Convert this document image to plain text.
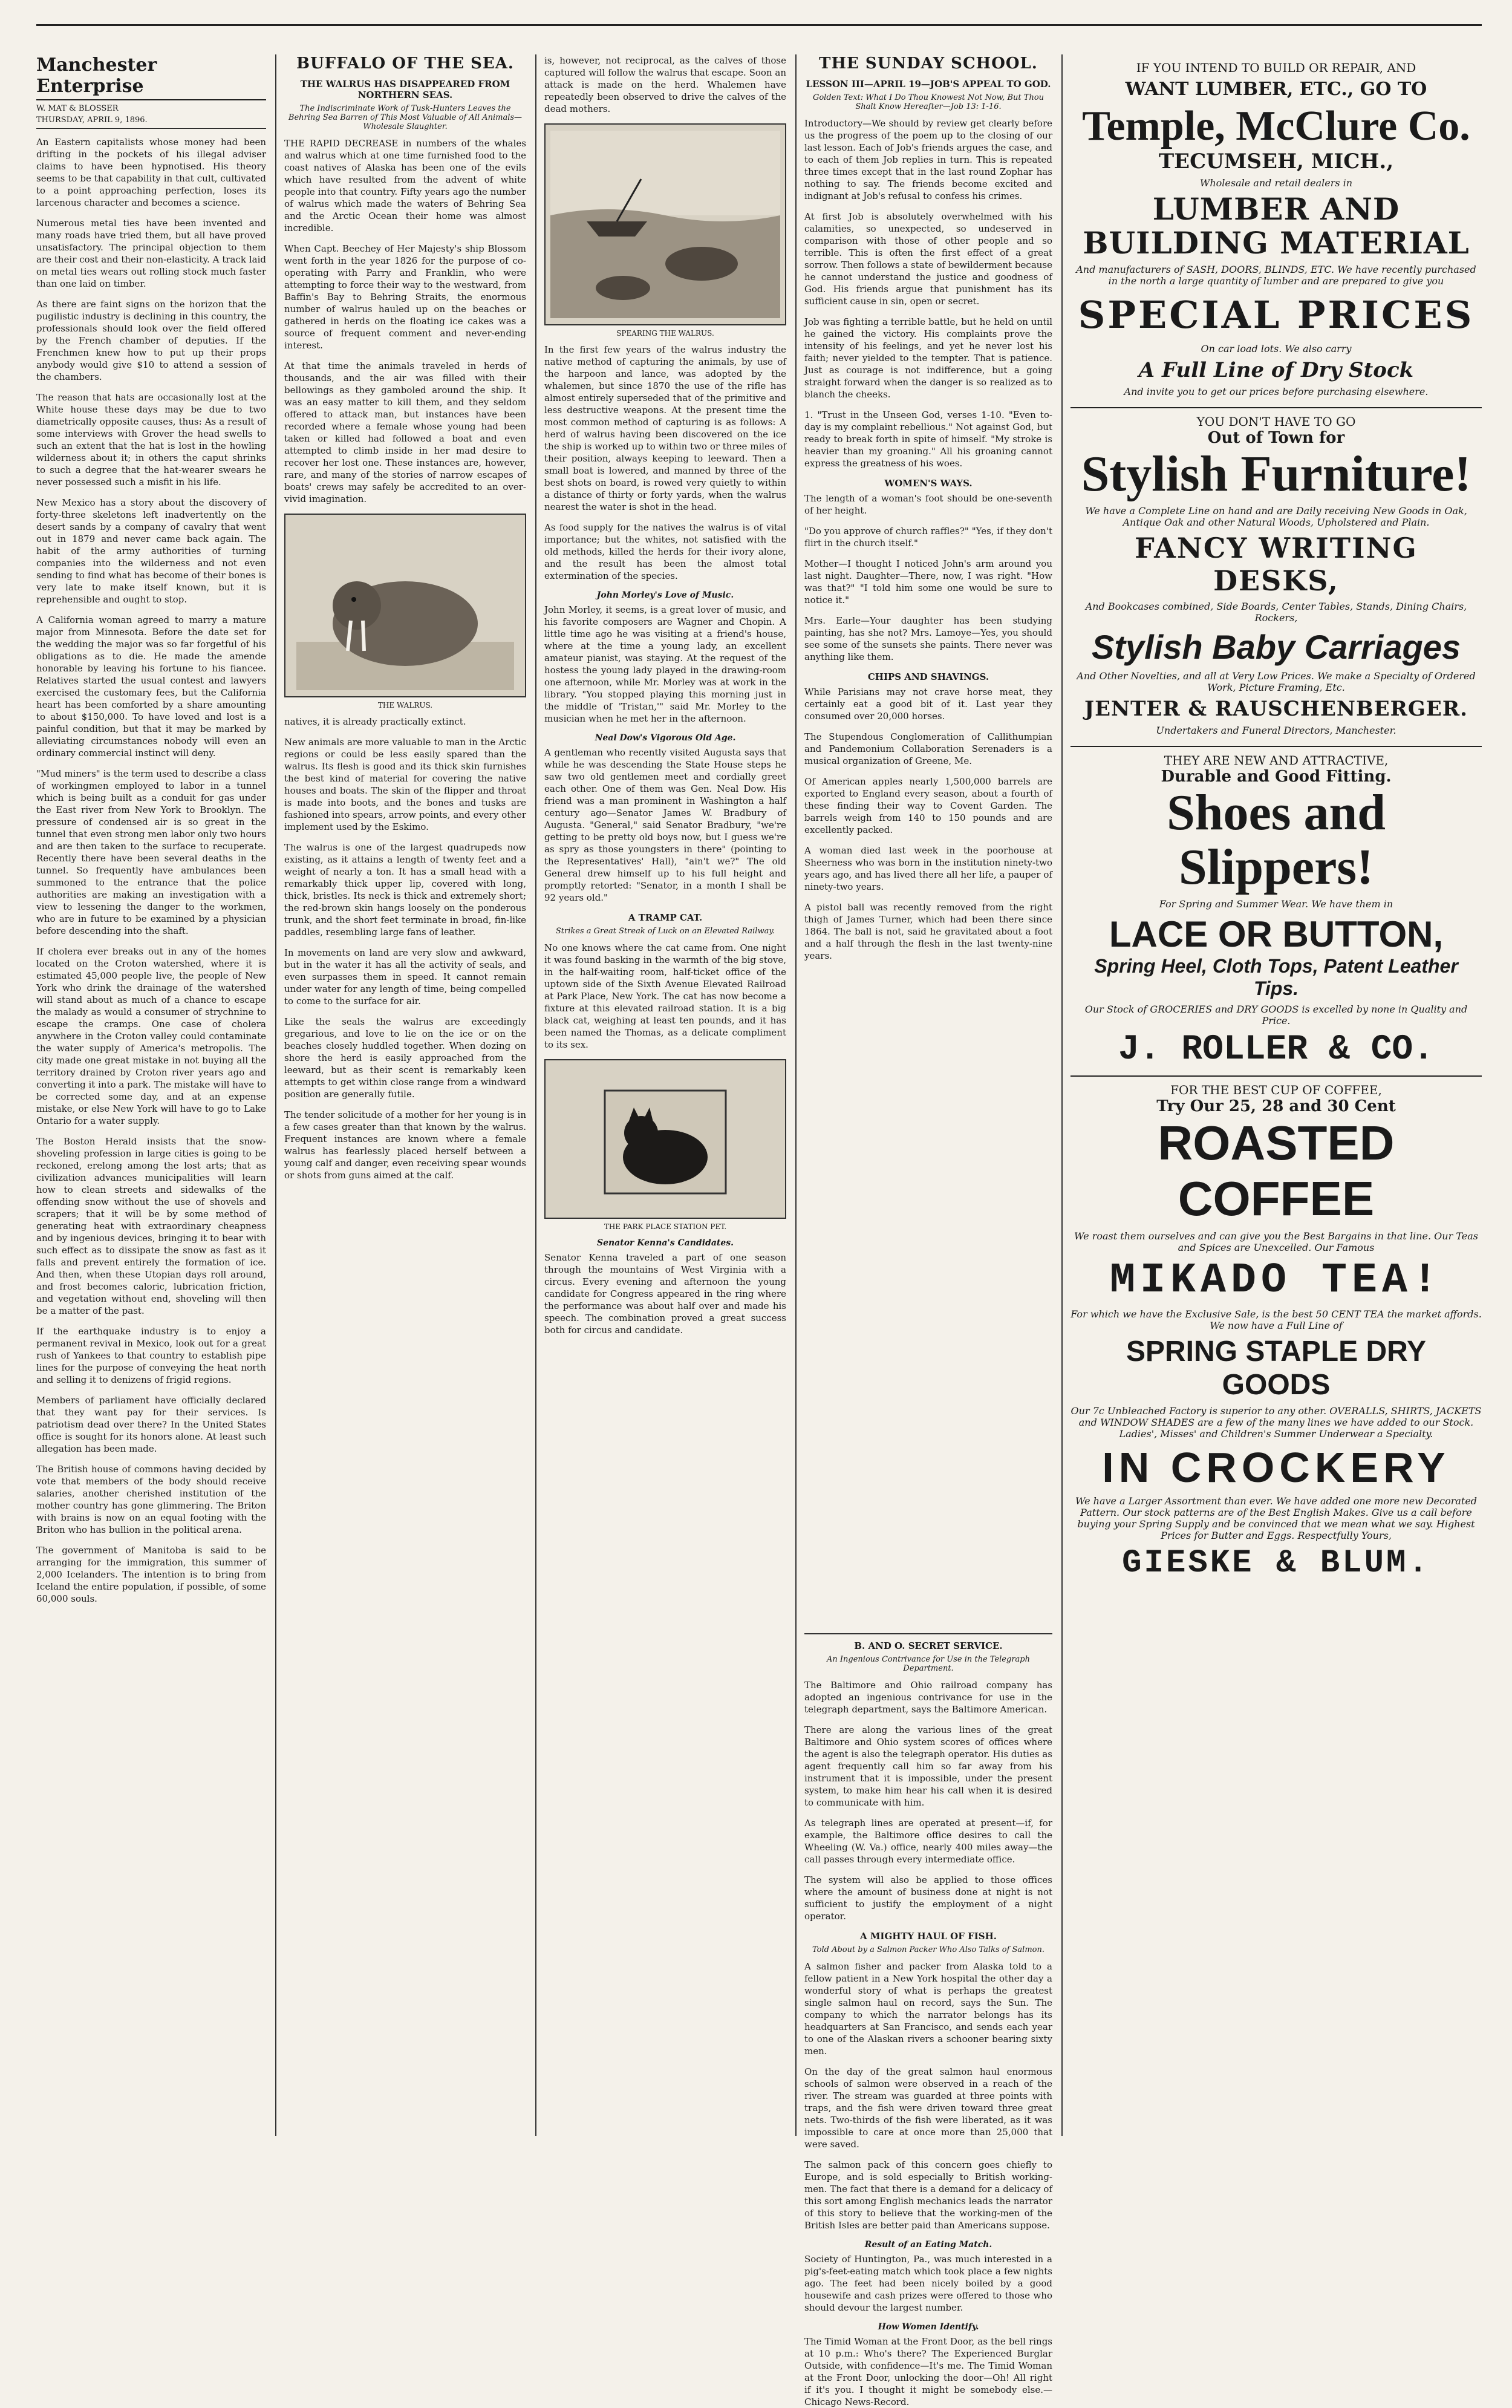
Manchester Enterprise
W. MAT & BLOSSER
THURSDAY, APRIL 9, 1896.

An Eastern capitalists whose money had been drifting in the pockets of his illegal adviser claims to have been hypnotised. His theory seems to be that capability in that cult, cultivated to a point approaching perfection, loses its larcenous character and becomes a science.

Numerous metal ties have been invented and many roads have tried them, but all have proved unsatisfactory. The principal objection to them are their cost and their non-elasticity. A track laid on metal ties wears out rolling stock much faster than one laid on timber.

As there are faint signs on the horizon that the pugilistic industry is declining in this country, the professionals should look over the field offered by the French chamber of deputies. If the Frenchmen knew how to put up their props anybody would give $10 to attend a session of the chambers.

The reason that hats are occasionally lost at the White house these days may be due to two diametrically opposite causes, thus: As a result of some interviews with Grover the head swells to such an extent that the hat is lost in the howling wilderness about it; in others the caput shrinks to such a degree that the hat-wearer swears he never possessed such a misfit in his life.

New Mexico has a story about the discovery of forty-three skeletons left inadvertently on the desert sands by a company of cavalry that went out in 1879 and never came back again. The habit of the army authorities of turning companies into the wilderness and not even sending to find what has become of their bones is very late to make itself known, but it is reprehensible and ought to stop.

A California woman agreed to marry a mature major from Minnesota. Before the date set for the wedding the major was so far forgetful of his obligations as to die. He made the amende honorable by leaving his fortune to his fiancee. Relatives started the usual contest and lawyers exercised the customary fees, but the California heart has been comforted by a share amounting to about $150,000. To have loved and lost is a painful condition, but that it may be marked by alleviating circumstances nobody will even an ordinary commercial instinct will deny.

"Mud miners" is the term used to describe a class of workingmen employed to labor in a tunnel which is being built as a conduit for gas under the East river from New York to Brooklyn. The pressure of condensed air is so great in the tunnel that even strong men labor only two hours and are then taken to the surface to recuperate. Recently there have been several deaths in the tunnel. So frequently have ambulances been summoned to the entrance that the police authorities are making an investigation with a view to lessening the danger to the workmen, who are in future to be examined by a physician before descending into the shaft.

If cholera ever breaks out in any of the homes located on the Croton watershed, where it is estimated 45,000 people live, the people of New York who drink the drainage of the watershed will stand about as much of a chance to escape the malady as would a consumer of strychnine to escape the cramps. One case of cholera anywhere in the Croton valley could contaminate the water supply of America's metropolis. The city made one great mistake in not buying all the territory drained by Croton river years ago and converting it into a park. The mistake will have to be corrected some day, and at an expense mistake, or else New York will have to go to Lake Ontario for a water supply.

The Boston Herald insists that the snow-shoveling profession in large cities is going to be reckoned, erelong among the lost arts; that as civilization advances municipalities will learn how to clean streets and sidewalks of the offending snow without the use of shovels and scrapers; that it will be by some method of generating heat with extraordinary cheapness and by ingenious devices, bringing it to bear with such effect as to dissipate the snow as fast as it falls and prevent entirely the formation of ice. And then, when these Utopian days roll around, and frost becomes caloric, lubrication friction, and vegetation without end, shoveling will then be a matter of the past.

If the earthquake industry is to enjoy a permanent revival in Mexico, look out for a great rush of Yankees to that country to establish pipe lines for the purpose of conveying the heat north and selling it to denizens of frigid regions.

Members of parliament have officially declared that they want pay for their services. Is patriotism dead over there? In the United States office is sought for its honors alone. At least such allegation has been made.

The British house of commons having decided by vote that members of the body should receive salaries, another cherished institution of the mother country has gone glimmering. The Briton with brains is now on an equal footing with the Briton who has bullion in the political arena.

The government of Manitoba is said to be arranging for the immigration, this summer of 2,000 Icelanders. The intention is to bring from Iceland the entire population, if possible, of some 60,000 souls.

BUFFALO OF THE SEA.
THE WALRUS HAS DISAPPEARED FROM NORTHERN SEAS.
The Indiscriminate Work of Tusk-Hunters Leaves the Behring Sea Barren of This Most Valuable of All Animals—Wholesale Slaughter.

THE RAPID DECREASE in numbers of the whales and walrus which at one time furnished food to the coast natives of Alaska has been one of the evils which have resulted from the advent of white people into that country. Fifty years ago the number of walrus which made the waters of Behring Sea and the Arctic Ocean their home was almost incredible.

When Capt. Beechey of Her Majesty's ship Blossom went forth in the year 1826 for the purpose of co-operating with Parry and Franklin, who were attempting to force their way to the westward, from Baffin's Bay to Behring Straits, the enormous number of walrus hauled up on the beaches or gathered in herds on the floating ice cakes was a source of frequent comment and never-ending interest.

At that time the animals traveled in herds of thousands, and the air was filled with their bellowings as they gamboled around the ship. It was an easy matter to kill them, and they seldom offered to attack man, but instances have been recorded where a female whose young had been taken or killed had followed a boat and even attempted to climb inside in her mad desire to recover her lost one. These instances are, however, rare, and many of the stories of narrow escapes of boats' crews may safely be accredited to an over-vivid imagination.

THE WALRUS.

natives, it is already practically extinct.

New animals are more valuable to man in the Arctic regions or could be less easily spared than the walrus. Its flesh is good and its thick skin furnishes the best kind of material for covering the native houses and boats. The skin of the flipper and throat is made into boots, and the bones and tusks are fashioned into spears, arrow points, and every other implement used by the Eskimo.

The walrus is one of the largest quadrupeds now existing, as it attains a length of twenty feet and a weight of nearly a ton. It has a small head with a remarkably thick upper lip, covered with long, thick, bristles. Its neck is thick and extremely short; the red-brown skin hangs loosely on the ponderous trunk, and the short feet terminate in broad, fin-like paddles, resembling large fans of leather.

In movements on land are very slow and awkward, but in the water it has all the activity of seals, and even surpasses them in speed. It cannot remain under water for any length of time, being compelled to come to the surface for air.

Like the seals the walrus are exceedingly gregarious, and love to lie on the ice or on the beaches closely huddled together. When dozing on shore the herd is easily approached from the leeward, but as their scent is remarkably keen attempts to get within close range from a windward position are generally futile.

The tender solicitude of a mother for her young is in a few cases greater than that known by the walrus. Frequent instances are known where a female walrus has fearlessly placed herself between a young calf and danger, even receiving spear wounds or shots from guns aimed at the calf.

is, however, not reciprocal, as the calves of those captured will follow the walrus that escape. Soon an attack is made on the herd. Whalemen have repeatedly been observed to drive the calves of the dead mothers.

SPEARING THE WALRUS.

In the first few years of the walrus industry the native method of capturing the animals, by use of the harpoon and lance, was adopted by the whalemen, but since 1870 the use of the rifle has almost entirely superseded that of the primitive and less destructive weapons. At the present time the most common method of capturing is as follows: A herd of walrus having been discovered on the ice the ship is worked up to within two or three miles of their position, always keeping to leeward. Then a small boat is lowered, and manned by three of the best shots on board, is rowed very quietly to within a distance of thirty or forty yards, when the walrus nearest the water is shot in the head.

As food supply for the natives the walrus is of vital importance; but the whites, not satisfied with the old methods, killed the herds for their ivory alone, and the result has been the almost total extermination of the species.

John Morley's Love of Music.

John Morley, it seems, is a great lover of music, and his favorite composers are Wagner and Chopin. A little time ago he was visiting at a friend's house, where at the time a young lady, an excellent amateur pianist, was staying. At the request of the hostess the young lady played in the drawing-room one afternoon, while Mr. Morley was at work in the library. "You stopped playing this morning just in the middle of 'Tristan,'" said Mr. Morley to the musician when he met her in the afternoon.

Neal Dow's Vigorous Old Age.

A gentleman who recently visited Augusta says that while he was descending the State House steps he saw two old gentlemen meet and cordially greet each other. One of them was Gen. Neal Dow. His friend was a man prominent in Washington a half century ago—Senator James W. Bradbury of Augusta. "General," said Senator Bradbury, "we're getting to be pretty old boys now, but I guess we're as spry as those youngsters in there" (pointing to the Representatives' Hall), "ain't we?" The old General drew himself up to his full height and promptly retorted: "Senator, in a month I shall be 92 years old."

A TRAMP CAT.
Strikes a Great Streak of Luck on an Elevated Railway.

No one knows where the cat came from. One night it was found basking in the warmth of the big stove, in the half-waiting room, half-ticket office of the uptown side of the Sixth Avenue Elevated Railroad at Park Place, New York. The cat has now become a fixture at this elevated railroad station. It is a big black cat, weighing at least ten pounds, and it has been named the Thomas, as a delicate compliment to its sex.

THE PARK PLACE STATION PET.
Senator Kenna's Candidates.

Senator Kenna traveled a part of one season through the mountains of West Virginia with a circus. Every evening and afternoon the young candidate for Congress appeared in the ring where the performance was about half over and made his speech. The combination proved a great success both for circus and candidate.

THE SUNDAY SCHOOL.
LESSON III—APRIL 19—JOB'S APPEAL TO GOD.
Golden Text: What I Do Thou Knowest Not Now, But Thou Shalt Know Hereafter—Job 13: 1-16.

Introductory—We should by review get clearly before us the progress of the poem up to the closing of our last lesson. Each of Job's friends argues the case, and to each of them Job replies in turn. This is repeated three times except that in the last round Zophar has nothing to say. The friends become excited and indignant at Job's refusal to confess his crimes.

At first Job is absolutely overwhelmed with his calamities, so unexpected, so undeserved in comparison with those of other people and so terrible. This is often the first effect of a great sorrow. Then follows a state of bewilderment because he cannot understand the justice and goodness of God. His friends argue that punishment has its sufficient cause in sin, open or secret.

Job was fighting a terrible battle, but he held on until he gained the victory. His complaints prove the intensity of his feelings, and yet he never lost his faith; never yielded to the tempter. That is patience. Just as courage is not indifference, but a going straight forward when the danger is so realized as to blanch the cheeks.

1. "Trust in the Unseen God, verses 1-10. "Even to-day is my complaint rebellious." Not against God, but ready to break forth in spite of himself. "My stroke is heavier than my groaning." All his groaning cannot express the greatness of his woes.

WOMEN'S WAYS.

The length of a woman's foot should be one-seventh of her height.

"Do you approve of church raffles?" "Yes, if they don't flirt in the church itself."

Mother—I thought I noticed John's arm around you last night. Daughter—There, now, I was right. "How was that?" "I told him some one would be sure to notice it."

Mrs. Earle—Your daughter has been studying painting, has she not? Mrs. Lamoye—Yes, you should see some of the sunsets she paints. There never was anything like them.

CHIPS AND SHAVINGS.

While Parisians may not crave horse meat, they certainly eat a good bit of it. Last year they consumed over 20,000 horses.

The Stupendous Conglomeration of Callithumpian and Pandemonium Collaboration Serenaders is a musical organization of Greene, Me.

Of American apples nearly 1,500,000 barrels are exported to England every season, about a fourth of these finding their way to Covent Garden. The barrels weigh from 140 to 150 pounds and are excellently packed.

A woman died last week in the poorhouse at Sheerness who was born in the institution ninety-two years ago, and has lived there all her life, a pauper of ninety-two years.

A pistol ball was recently removed from the right thigh of James Turner, which had been there since 1864. The ball is not, said he gravitated about a foot and a half through the flesh in the last twenty-nine years.

IF YOU INTEND TO BUILD OR REPAIR, AND
WANT LUMBER, ETC., GO TO
Temple, McClure Co.
TECUMSEH, MICH.,
Wholesale and retail dealers in
LUMBER AND BUILDING MATERIAL
And manufacturers of SASH, DOORS, BLINDS, ETC. We have recently purchased in the north a large quantity of lumber and are prepared to give you
SPECIAL PRICES
On car load lots. We also carry
A Full Line of Dry Stock
And invite you to get our prices before purchasing elsewhere.
YOU DON'T HAVE TO GO
Out of Town for
Stylish Furniture!
We have a Complete Line on hand and are Daily receiving New Goods in Oak, Antique Oak and other Natural Woods, Upholstered and Plain.
FANCY WRITING DESKS,
And Bookcases combined, Side Boards, Center Tables, Stands, Dining Chairs, Rockers,
Stylish Baby Carriages
And Other Novelties, and all at Very Low Prices. We make a Specialty of Ordered Work, Picture Framing, Etc.
JENTER & RAUSCHENBERGER.
Undertakers and Funeral Directors, Manchester.
THEY ARE NEW AND ATTRACTIVE,
Durable and Good Fitting.
Shoes and Slippers!
For Spring and Summer Wear. We have them in
LACE OR BUTTON,
Spring Heel, Cloth Tops, Patent Leather Tips.
Our Stock of GROCERIES and DRY GOODS is excelled by none in Quality and Price.
J. ROLLER & CO.
FOR THE BEST CUP OF COFFEE,
Try Our 25, 28 and 30 Cent
ROASTED COFFEE
We roast them ourselves and can give you the Best Bargains in that line. Our Teas and Spices are Unexcelled. Our Famous
MIKADO TEA!
For which we have the Exclusive Sale, is the best 50 CENT TEA the market affords. We now have a Full Line of
SPRING STAPLE DRY GOODS
Our 7c Unbleached Factory is superior to any other. OVERALLS, SHIRTS, JACKETS and WINDOW SHADES are a few of the many lines we have added to our Stock. Ladies', Misses' and Children's Summer Underwear a Specialty.
IN CROCKERY
We have a Larger Assortment than ever. We have added one more new Decorated Pattern. Our stock patterns are of the Best English Makes. Give us a call before buying your Spring Supply and be convinced that we mean what we say. Highest Prices for Butter and Eggs. Respectfully Yours,
GIESKE & BLUM.
B. AND O. SECRET SERVICE.
An Ingenious Contrivance for Use in the Telegraph Department.

The Baltimore and Ohio railroad company has adopted an ingenious contrivance for use in the telegraph department, says the Baltimore American.

There are along the various lines of the great Baltimore and Ohio system scores of offices where the agent is also the telegraph operator. His duties as agent frequently call him so far away from his instrument that it is impossible, under the present system, to make him hear his call when it is desired to communicate with him.

As telegraph lines are operated at present—if, for example, the Baltimore office desires to call the Wheeling (W. Va.) office, nearly 400 miles away—the call passes through every intermediate office.

The system will also be applied to those offices where the amount of business done at night is not sufficient to justify the employment of a night operator.

A MIGHTY HAUL OF FISH.
Told About by a Salmon Packer Who Also Talks of Salmon.

A salmon fisher and packer from Alaska told to a fellow patient in a New York hospital the other day a wonderful story of what is perhaps the greatest single salmon haul on record, says the Sun. The company to which the narrator belongs has its headquarters at San Francisco, and sends each year to one of the Alaskan rivers a schooner bearing sixty men.

On the day of the great salmon haul enormous schools of salmon were observed in a reach of the river. The stream was guarded at three points with traps, and the fish were driven toward three great nets. Two-thirds of the fish were liberated, as it was impossible to care at once more than 25,000 that were saved.

The salmon pack of this concern goes chiefly to Europe, and is sold especially to British working-men. The fact that there is a demand for a delicacy of this sort among English mechanics leads the narrator of this story to believe that the working-men of the British Isles are better paid than Americans suppose.

Result of an Eating Match.

Society of Huntington, Pa., was much interested in a pig's-feet-eating match which took place a few nights ago. The feet had been nicely boiled by a good housewife and cash prizes were offered to those who should devour the largest number.

How Women Identify.

The Timid Woman at the Front Door, as the bell rings at 10 p.m.: Who's there? The Experienced Burglar Outside, with confidence—It's me. The Timid Woman at the Front Door, unlocking the door—Oh! All right if it's you. I thought it might be somebody else.—Chicago News-Record.
